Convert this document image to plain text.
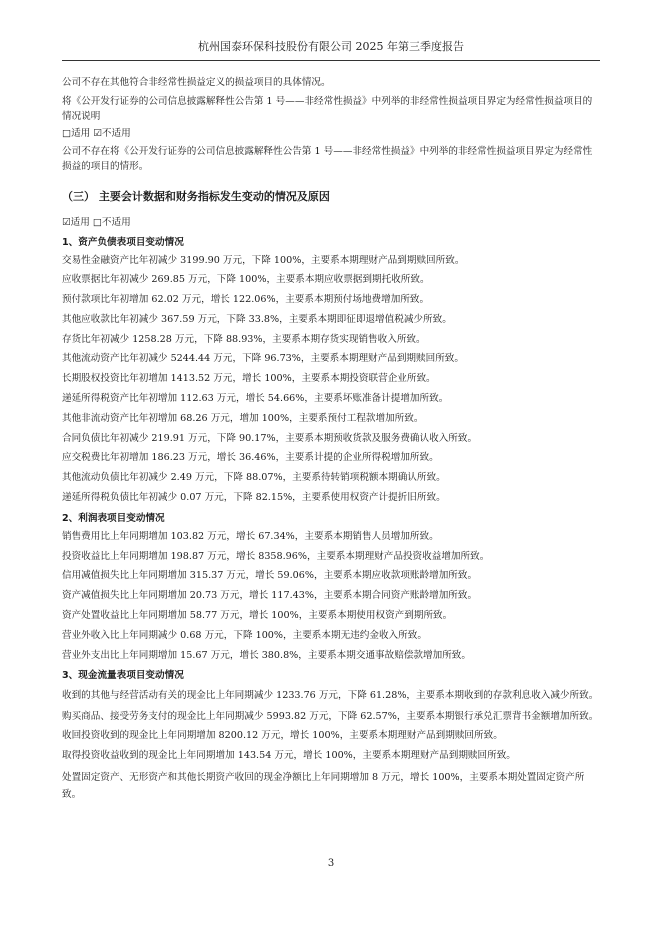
杭州国泰环保科技股份有限公司 2025 年第三季度报告

公司不存在其他符合非经常性损益定义的损益项目的具体情况。

将《公开发行证券的公司信息披露解释性公告第 1 号——非经常性损益》中列举的非经常性损益项目界定为经常性损益项目的情况说明

□适用 ☑不适用

公司不存在将《公开发行证券的公司信息披露解释性公告第 1 号——非经常性损益》中列举的非经常性损益项目界定为经常性损益的项目的情形。

（三） 主要会计数据和财务指标发生变动的情况及原因

☑适用 □不适用

1、资产负债表项目变动情况

交易性金融资产比年初减少 3199.90 万元，下降 100%，主要系本期理财产品到期赎回所致。

应收票据比年初减少 269.85 万元，下降 100%，主要系本期应收票据到期托收所致。

预付款项比年初增加 62.02 万元，增长 122.06%，主要系本期预付场地费增加所致。

其他应收款比年初减少 367.59 万元，下降 33.8%，主要系本期即征即退增值税减少所致。

存货比年初减少 1258.28 万元，下降 88.93%，主要系本期存货实现销售收入所致。

其他流动资产比年初减少 5244.44 万元，下降 96.73%，主要系本期理财产品到期赎回所致。

长期股权投资比年初增加 1413.52 万元，增长 100%，主要系本期投资联营企业所致。

递延所得税资产比年初增加 112.63 万元，增长 54.66%，主要系坏账准备计提增加所致。

其他非流动资产比年初增加 68.26 万元，增加 100%，主要系预付工程款增加所致。

合同负债比年初减少 219.91 万元，下降 90.17%，主要系本期预收货款及服务费确认收入所致。

应交税费比年初增加 186.23 万元，增长 36.46%，主要系计提的企业所得税增加所致。

其他流动负债比年初减少 2.49 万元，下降 88.07%，主要系待转销项税额本期确认所致。

递延所得税负债比年初减少 0.07 万元，下降 82.15%，主要系使用权资产计提折旧所致。

2、利润表项目变动情况

销售费用比上年同期增加 103.82 万元，增长 67.34%，主要系本期销售人员增加所致。

投资收益比上年同期增加 198.87 万元，增长 8358.96%，主要系本期理财产品投资收益增加所致。

信用减值损失比上年同期增加 315.37 万元，增长 59.06%，主要系本期应收款项账龄增加所致。

资产减值损失比上年同期增加 20.73 万元，增长 117.43%，主要系本期合同资产账龄增加所致。

资产处置收益比上年同期增加 58.77 万元，增长 100%，主要系本期使用权资产到期所致。

营业外收入比上年同期减少 0.68 万元，下降 100%，主要系本期无违约金收入所致。

营业外支出比上年同期增加 15.67 万元，增长 380.8%，主要系本期交通事故赔偿款增加所致。

3、现金流量表项目变动情况

收到的其他与经营活动有关的现金比上年同期减少 1233.76 万元，下降 61.28%，主要系本期收到的存款利息收入减少所致。

购买商品、接受劳务支付的现金比上年同期减少 5993.82 万元，下降 62.57%，主要系本期银行承兑汇票背书金额增加所致。

收回投资收到的现金比上年同期增加 8200.12 万元，增长 100%，主要系本期理财产品到期赎回所致。

取得投资收益收到的现金比上年同期增加 143.54 万元，增长 100%，主要系本期理财产品到期赎回所致。

处置固定资产、无形资产和其他长期资产收回的现金净额比上年同期增加 8 万元，增长 100%，主要系本期处置固定资产所致。

3
